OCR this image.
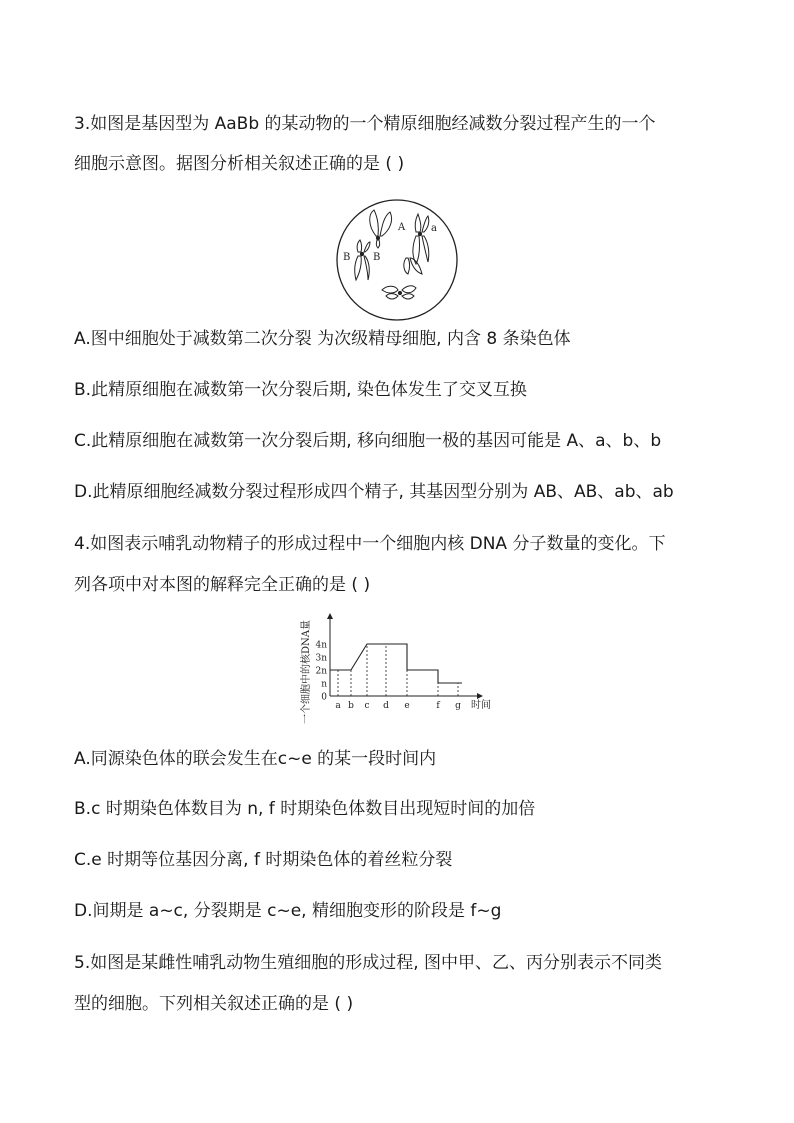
3.如图是基因型为 AaBb 的某动物的一个精原细胞经减数分裂过程产生的一个
细胞示意图。据图分析相关叙述正确的是 ( )
A	a
B B
A.图中细胞处于减数第二次分裂 为次级精母细胞, 内含 8 条染色体
B.此精原细胞在减数第一次分裂后期, 染色体发生了交叉互换
C.此精原细胞在减数第一次分裂后期, 移向细胞一极的基因可能是 A、a、b、b
D.此精原细胞经减数分裂过程形成四个精子, 其基因型分别为 AB、AB、ab、ab
4.如图表示哺乳动物精子的形成过程中一个细胞内核 DNA 分子数量的变化。下
列各项中对本图的解释完全正确的是 ( )
一个细胞中的核DNA量 0
n
2n
3n
4n
a b c d e	f g 时间
A.同源染色体的联会发生在c~e 的某一段时间内
B.c 时期染色体数目为 n, f 时期染色体数目出现短时间的加倍
C.e 时期等位基因分离, f 时期染色体的着丝粒分裂
D.间期是 a~c, 分裂期是 c~e, 精细胞变形的阶段是 f~g
5.如图是某雌性哺乳动物生殖细胞的形成过程, 图中甲、乙、丙分别表示不同类
型的细胞。下列相关叙述正确的是 ( )
